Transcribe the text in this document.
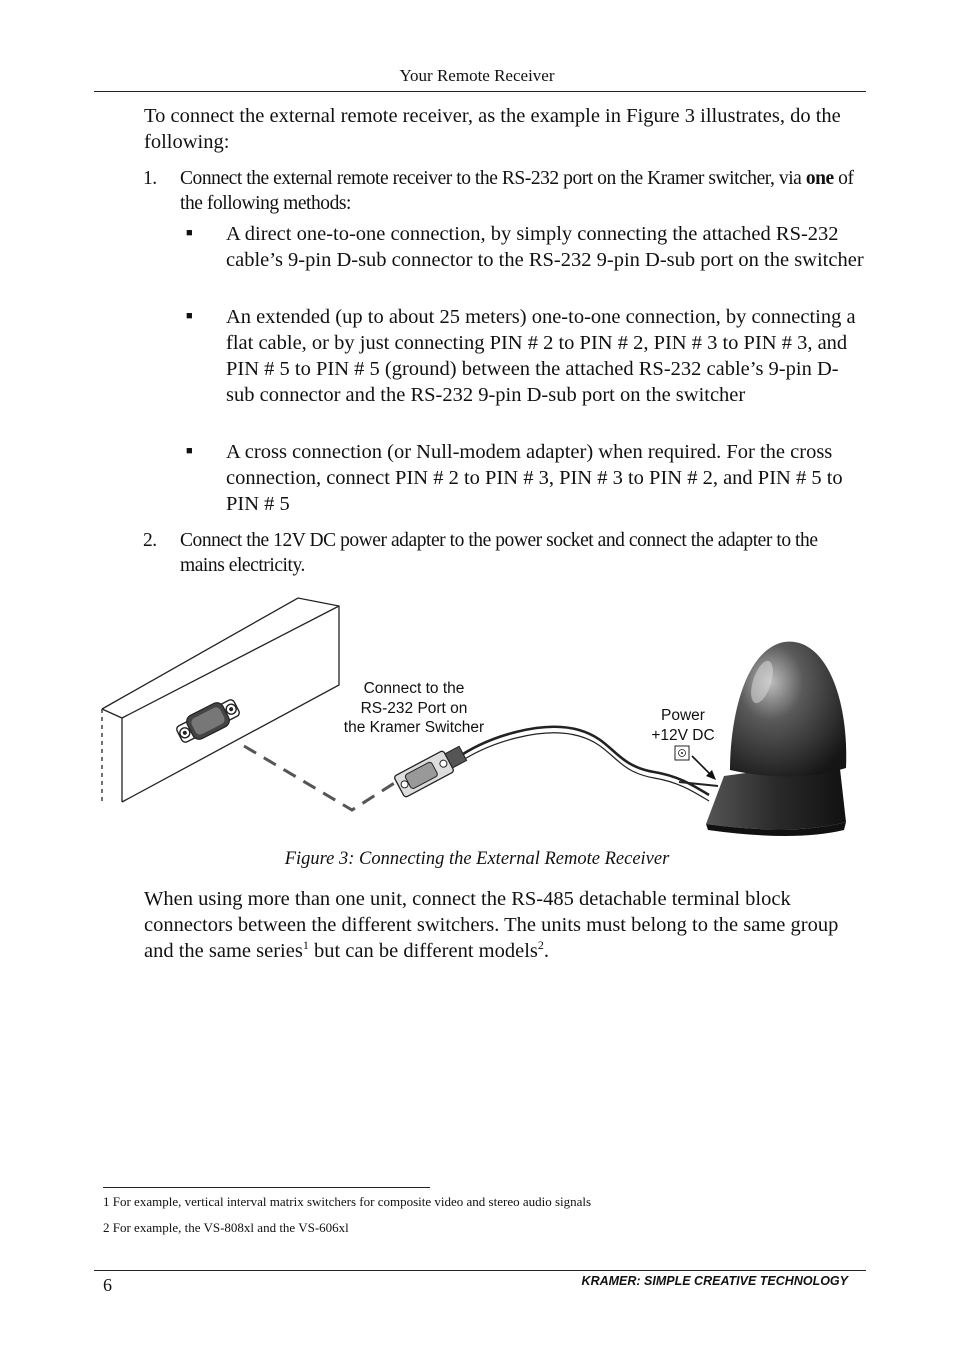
Your Remote Receiver
To connect the external remote receiver, as the example in Figure 3 illustrates, do the following:
1. Connect the external remote receiver to the RS-232 port on the Kramer switcher, via one of the following methods:
■ A direct one-to-one connection, by simply connecting the attached RS-232 cable’s 9-pin D-sub connector to the RS-232 9-pin D-sub port on the switcher
■ An extended (up to about 25 meters) one-to-one connection, by connecting a flat cable, or by just connecting PIN # 2 to PIN # 2, PIN # 3 to PIN # 3, and PIN # 5 to PIN # 5 (ground) between the attached RS-232 cable’s 9-pin D-sub connector and the RS-232 9-pin D-sub port on the switcher
■ A cross connection (or Null-modem adapter) when required. For the cross connection, connect PIN # 2 to PIN # 3, PIN # 3 to PIN # 2, and PIN # 5 to PIN # 5
2. Connect the 12V DC power adapter to the power socket and connect the adapter to the mains electricity.
Connect to the
RS-232 Port on
the Kramer Switcher
Power
+12V DC
Figure 3: Connecting the External Remote Receiver
When using more than one unit, connect the RS-485 detachable terminal block connectors between the different switchers. The units must belong to the same group and the same series$^1$ but can be different models$^2$.
1 For example, vertical interval matrix switchers for composite video and stereo audio signals
2 For example, the VS-808xl and the VS-606xl
6	KRAMER: SIMPLE CREATIVE TECHNOLOGY
